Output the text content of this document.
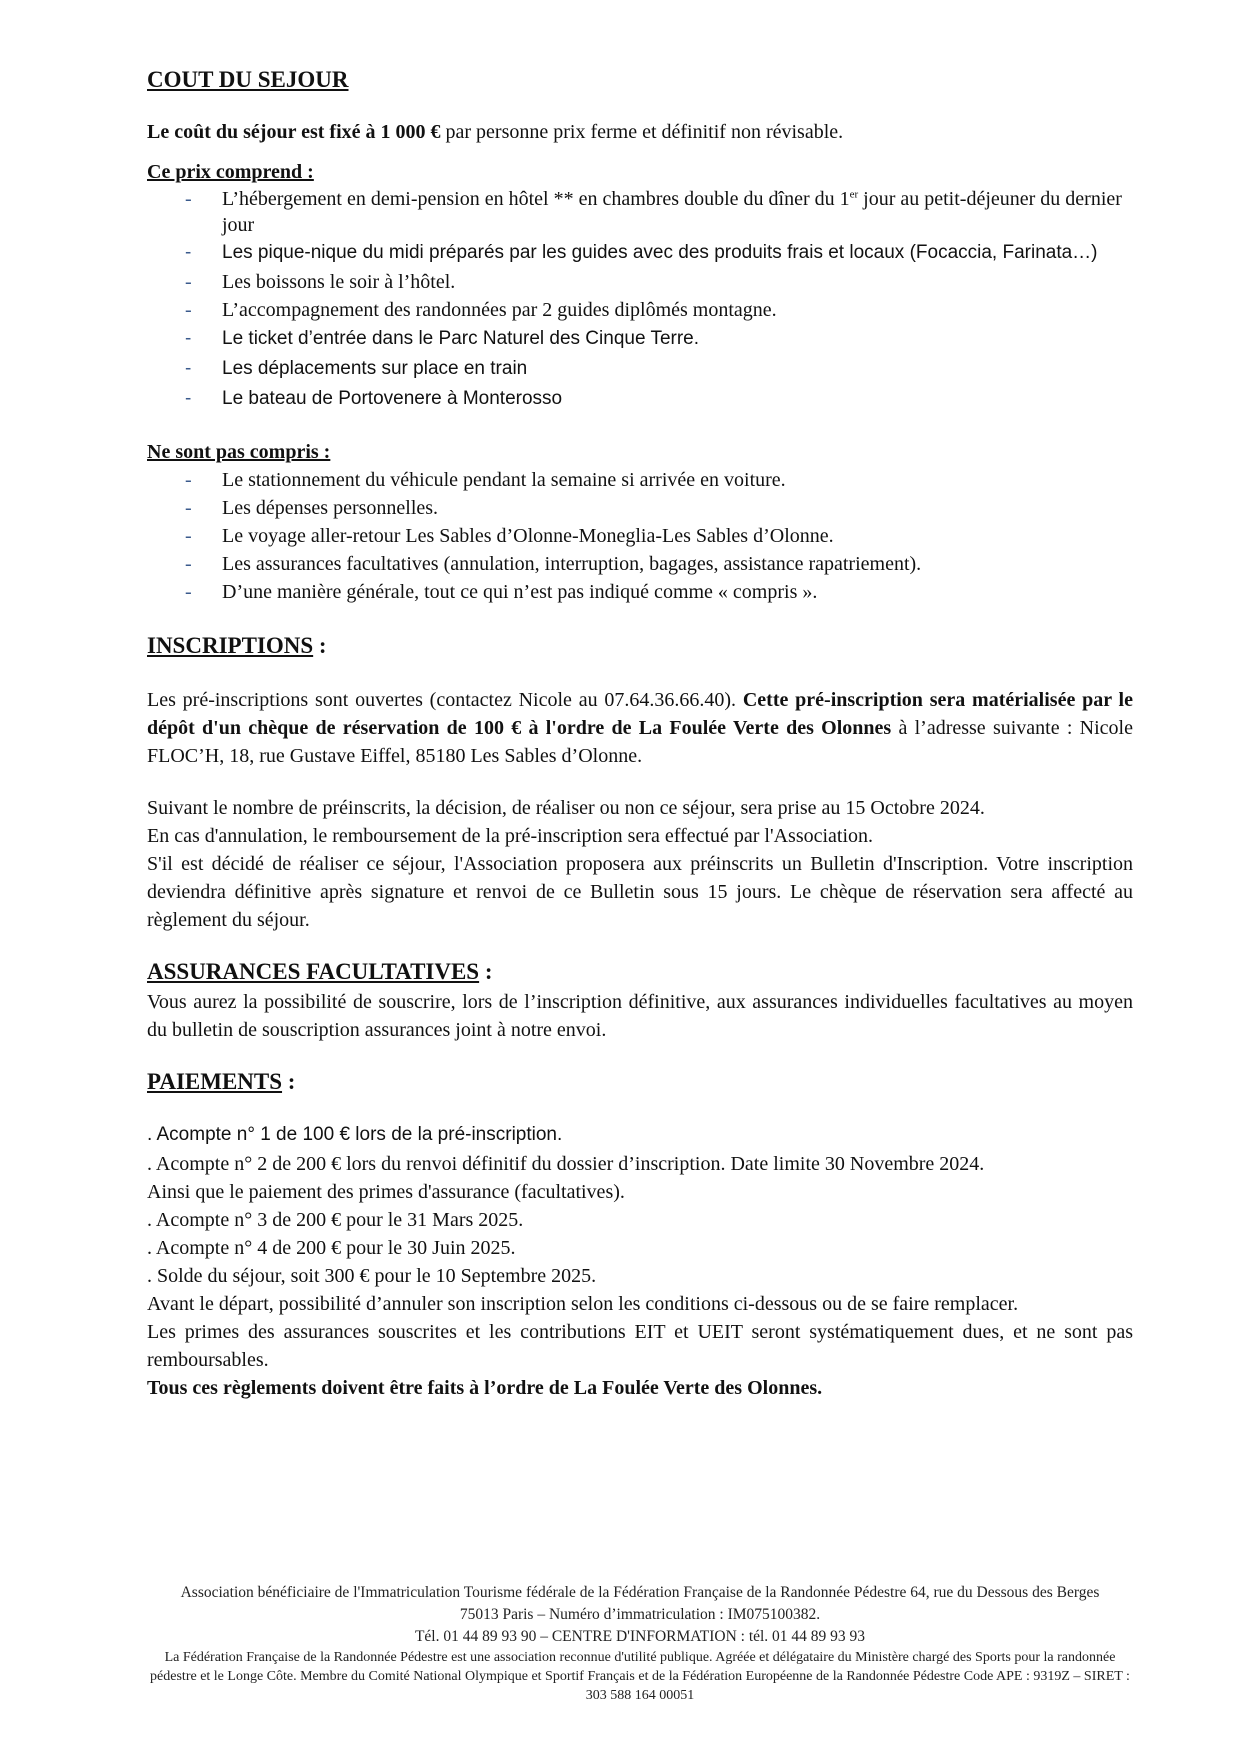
COUT DU SEJOUR

Le coût du séjour est fixé à 1 000 € par personne prix ferme et définitif non révisable.

Ce prix comprend :

- L’hébergement en demi-pension en hôtel ** en chambres double du dîner du 1er jour au petit-déjeuner du dernier jour
- Les pique-nique du midi préparés par les guides avec des produits frais et locaux (Focaccia, Farinata…)
- Les boissons le soir à l’hôtel.
- L’accompagnement des randonnées par 2 guides diplômés montagne.
- Le ticket d’entrée dans le Parc Naturel des Cinque Terre.
- Les déplacements sur place en train
- Le bateau de Portovenere à Monterosso

Ne sont pas compris :

- Le stationnement du véhicule pendant la semaine si arrivée en voiture.
- Les dépenses personnelles.
- Le voyage aller-retour Les Sables d’Olonne-Moneglia-Les Sables d’Olonne.
- Les assurances facultatives (annulation, interruption, bagages, assistance rapatriement).
- D’une manière générale, tout ce qui n’est pas indiqué comme « compris ».
INSCRIPTIONS :

Les pré-inscriptions sont ouvertes (contactez Nicole au 07.64.36.66.40). Cette pré-inscription sera matérialisée par le dépôt d'un chèque de réservation de 100 € à l'ordre de La Foulée Verte des Olonnes à l’adresse suivante : Nicole FLOC’H, 18, rue Gustave Eiffel, 85180 Les Sables d’Olonne.

Suivant le nombre de préinscrits, la décision, de réaliser ou non ce séjour, sera prise au 15 Octobre 2024.

En cas d'annulation, le remboursement de la pré-inscription sera effectué par l'Association.

S'il est décidé de réaliser ce séjour, l'Association proposera aux préinscrits un Bulletin d'Inscription. Votre inscription deviendra définitive après signature et renvoi de ce Bulletin sous 15 jours. Le chèque de réservation sera affecté au règlement du séjour.

ASSURANCES FACULTATIVES :

Vous aurez la possibilité de souscrire, lors de l’inscription définitive, aux assurances individuelles facultatives au moyen du bulletin de souscription assurances joint à notre envoi.

PAIEMENTS :

. Acompte n° 1 de 100 € lors de la pré-inscription.

. Acompte n° 2 de 200 € lors du renvoi définitif du dossier d’inscription. Date limite 30 Novembre 2024.

Ainsi que le paiement des primes d'assurance (facultatives).

. Acompte n° 3 de 200 € pour le 31 Mars 2025.

. Acompte n° 4 de 200 € pour le 30 Juin 2025.

. Solde du séjour, soit 300 € pour le 10 Septembre 2025.

Avant le départ, possibilité d’annuler son inscription selon les conditions ci-dessous ou de se faire remplacer.

Les primes des assurances souscrites et les contributions EIT et UEIT seront systématiquement dues, et ne sont pas remboursables.

Tous ces règlements doivent être faits à l’ordre de La Foulée Verte des Olonnes.

Association bénéficiaire de l'Immatriculation Tourisme fédérale de la Fédération Française de la Randonnée Pédestre 64, rue du Dessous des Berges 75013 Paris – Numéro d’immatriculation : IM075100382.
Tél. 01 44 89 93 90 – CENTRE D'INFORMATION : tél. 01 44 89 93 93
La Fédération Française de la Randonnée Pédestre est une association reconnue d'utilité publique. Agréée et délégataire du Ministère chargé des Sports pour la randonnée pédestre et le Longe Côte. Membre du Comité National Olympique et Sportif Français et de la Fédération Européenne de la Randonnée Pédestre Code APE : 9319Z – SIRET : 303 588 164 00051
